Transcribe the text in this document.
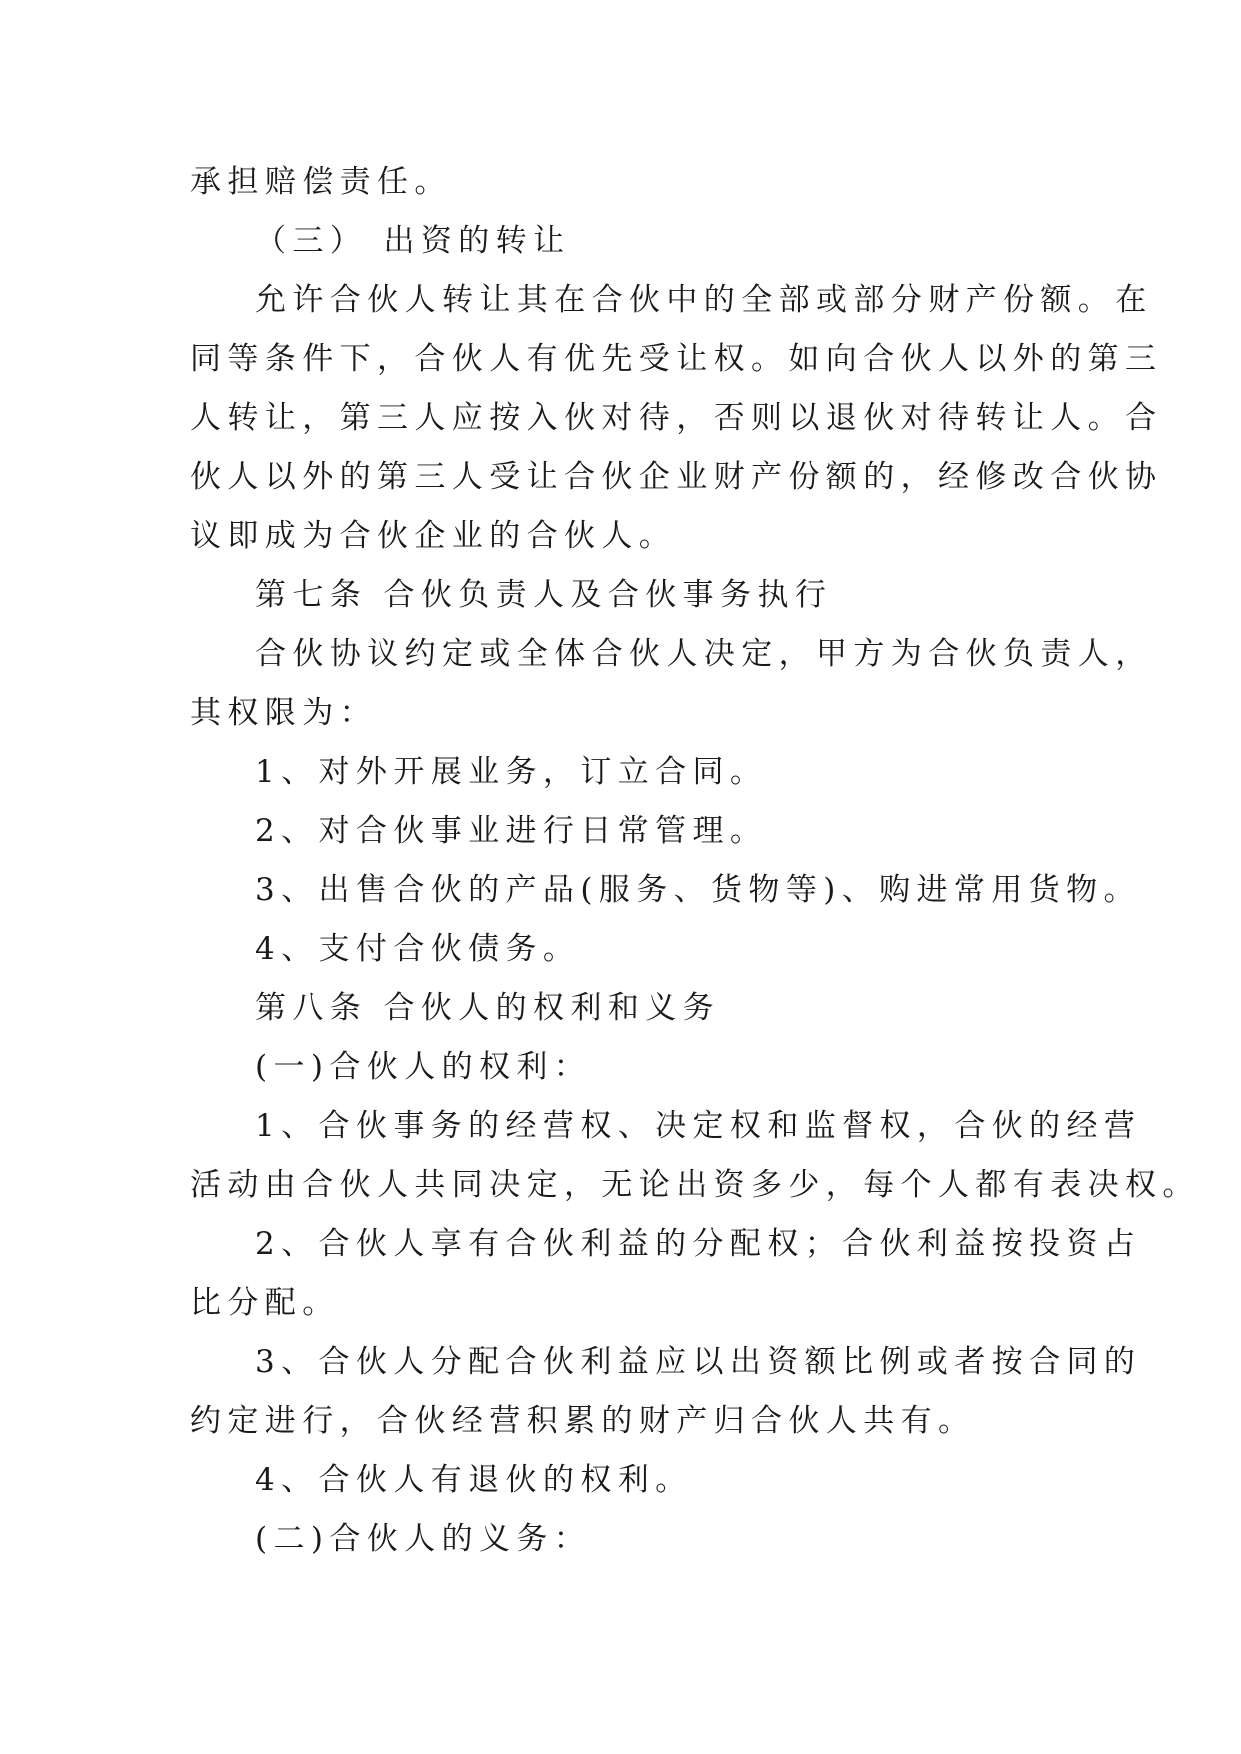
承担赔偿责任。
（三） 出资的转让
允许合伙人转让其在合伙中的全部或部分财产份额。在
同等条件下，合伙人有优先受让权。如向合伙人以外的第三
人转让，第三人应按入伙对待，否则以退伙对待转让人。合
伙人以外的第三人受让合伙企业财产份额的，经修改合伙协
议即成为合伙企业的合伙人。
第七条 合伙负责人及合伙事务执行
合伙协议约定或全体合伙人决定，甲方为合伙负责人，
其权限为：
1、对外开展业务，订立合同。
2、对合伙事业进行日常管理。
3、出售合伙的产品(服务、货物等)、购进常用货物。
4、支付合伙债务。
第八条 合伙人的权利和义务
(一)合伙人的权利：
1、合伙事务的经营权、决定权和监督权，合伙的经营
活动由合伙人共同决定，无论出资多少，每个人都有表决权。
2、合伙人享有合伙利益的分配权；合伙利益按投资占
比分配。
3、合伙人分配合伙利益应以出资额比例或者按合同的
约定进行，合伙经营积累的财产归合伙人共有。
4、合伙人有退伙的权利。
(二)合伙人的义务：
